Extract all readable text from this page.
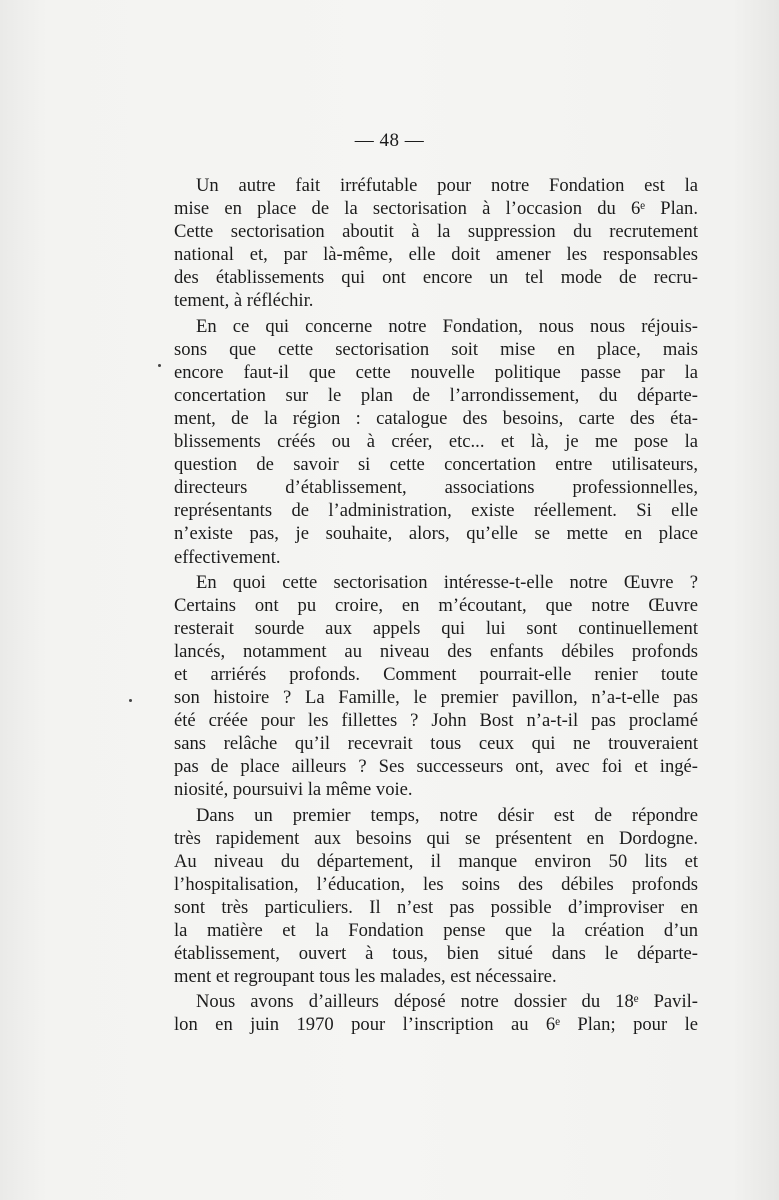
— 48 —
Un autre fait irréfutable pour notre Fondation est la
mise en place de la sectorisation à l’occasion du 6ᵉ Plan.
Cette sectorisation aboutit à la suppression du recrutement
national et, par là-même, elle doit amener les responsables
des établissements qui ont encore un tel mode de recru-
tement, à réfléchir.
En ce qui concerne notre Fondation, nous nous réjouis-
sons que cette sectorisation soit mise en place, mais
encore faut-il que cette nouvelle politique passe par la
concertation sur le plan de l’arrondissement, du départe-
ment, de la région : catalogue des besoins, carte des éta-
blissements créés ou à créer, etc... et là, je me pose la
question de savoir si cette concertation entre utilisateurs,
directeurs d’établissement, associations professionnelles,
représentants de l’administration, existe réellement. Si elle
n’existe pas, je souhaite, alors, qu’elle se mette en place
effectivement.
En quoi cette sectorisation intéresse-t-elle notre Œuvre ?
Certains ont pu croire, en m’écoutant, que notre Œuvre
resterait sourde aux appels qui lui sont continuellement
lancés, notamment au niveau des enfants débiles profonds
et arriérés profonds. Comment pourrait-elle renier toute
son histoire ? La Famille, le premier pavillon, n’a-t-elle pas
été créée pour les fillettes ? John Bost n’a-t-il pas proclamé
sans relâche qu’il recevrait tous ceux qui ne trouveraient
pas de place ailleurs ? Ses successeurs ont, avec foi et ingé-
niosité, poursuivi la même voie.
Dans un premier temps, notre désir est de répondre
très rapidement aux besoins qui se présentent en Dordogne.
Au niveau du département, il manque environ 50 lits et
l’hospitalisation, l’éducation, les soins des débiles profonds
sont très particuliers. Il n’est pas possible d’improviser en
la matière et la Fondation pense que la création d’un
établissement, ouvert à tous, bien situé dans le départe-
ment et regroupant tous les malades, est nécessaire.
Nous avons d’ailleurs déposé notre dossier du 18ᵉ Pavil-
lon en juin 1970 pour l’inscription au 6ᵉ Plan; pour le
